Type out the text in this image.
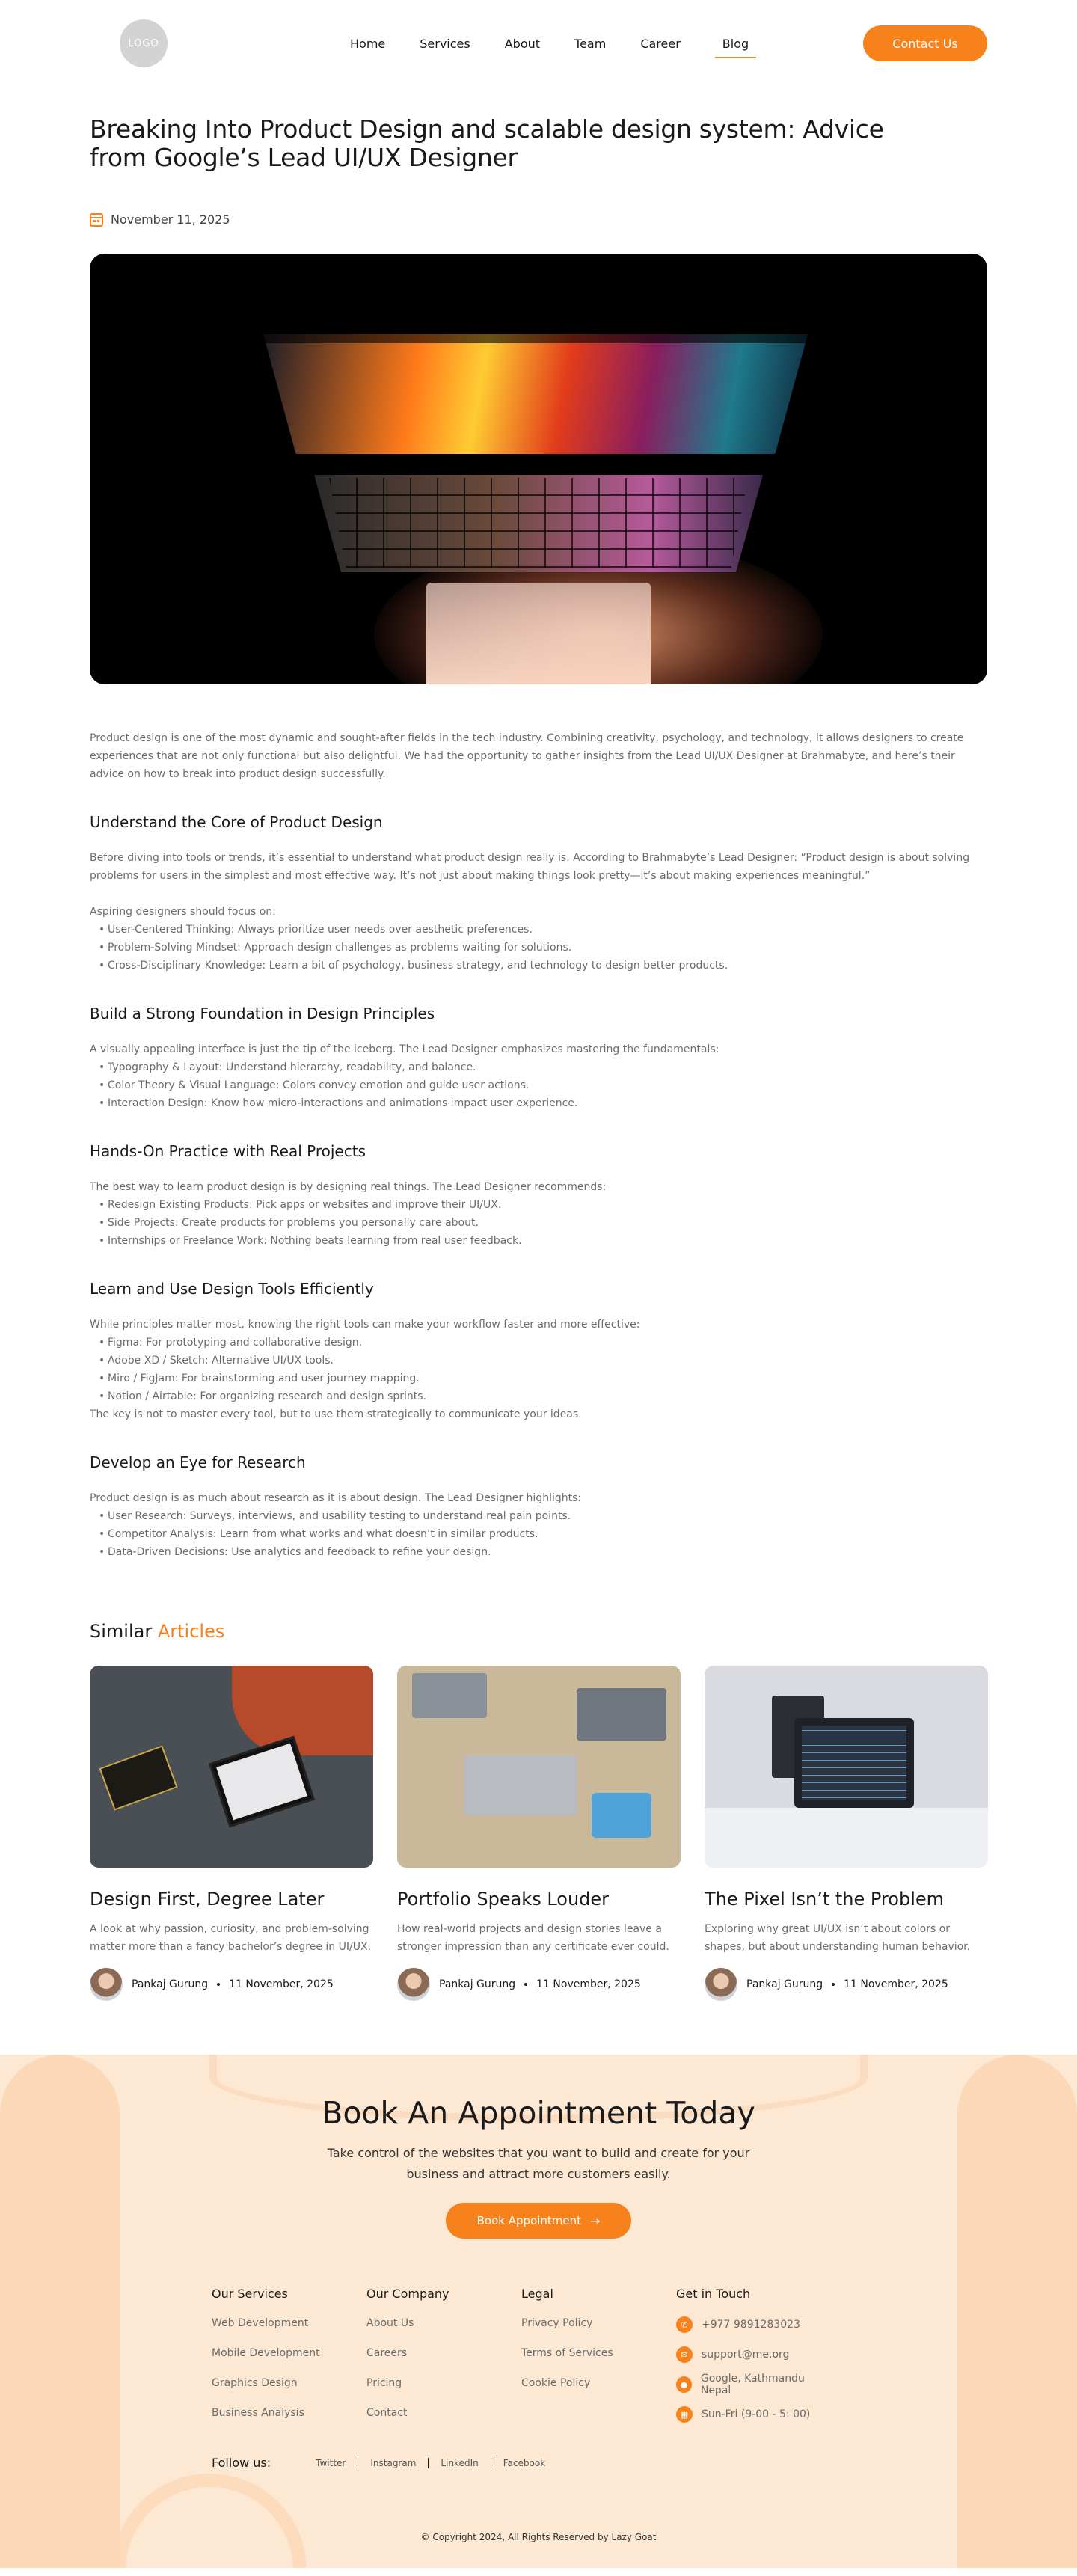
LOGO	Home	Services	About	Team	Career	Blog	Contact Us
Breaking Into Product Design and scalable design system: Advice from Google’s Lead UI/UX Designer
November 11, 2025

Product design is one of the most dynamic and sought-after fields in the tech industry. Combining creativity, psychology, and technology, it allows designers to create experiences that are not only functional but also delightful. We had the opportunity to gather insights from the Lead UI/UX Designer at Brahmabyte, and here’s their advice on how to break into product design successfully.

Understand the Core of Product Design

Before diving into tools or trends, it’s essential to understand what product design really is. According to Brahmabyte’s Lead Designer: “Product design is about solving problems for users in the simplest and most effective way. It’s not just about making things look pretty—it’s about making experiences meaningful.”

Aspiring designers should focus on:

• User-Centered Thinking: Always prioritize user needs over aesthetic preferences.
• Problem-Solving Mindset: Approach design challenges as problems waiting for solutions.
• Cross-Disciplinary Knowledge: Learn a bit of psychology, business strategy, and technology to design better products.
Build a Strong Foundation in Design Principles

A visually appealing interface is just the tip of the iceberg. The Lead Designer emphasizes mastering the fundamentals:

• Typography & Layout: Understand hierarchy, readability, and balance.
• Color Theory & Visual Language: Colors convey emotion and guide user actions.
• Interaction Design: Know how micro-interactions and animations impact user experience.
Hands-On Practice with Real Projects

The best way to learn product design is by designing real things. The Lead Designer recommends:

• Redesign Existing Products: Pick apps or websites and improve their UI/UX.
• Side Projects: Create products for problems you personally care about.
• Internships or Freelance Work: Nothing beats learning from real user feedback.
Learn and Use Design Tools Efficiently

While principles matter most, knowing the right tools can make your workflow faster and more effective:

• Figma: For prototyping and collaborative design.
• Adobe XD / Sketch: Alternative UI/UX tools.
• Miro / FigJam: For brainstorming and user journey mapping.
• Notion / Airtable: For organizing research and design sprints.

The key is not to master every tool, but to use them strategically to communicate your ideas.

Develop an Eye for Research

Product design is as much about research as it is about design. The Lead Designer highlights:

• User Research: Surveys, interviews, and usability testing to understand real pain points.
• Competitor Analysis: Learn from what works and what doesn’t in similar products.
• Data-Driven Decisions: Use analytics and feedback to refine your design.
Similar Articles
Design First, Degree Later

A look at why passion, curiosity, and problem-solving matter more than a fancy bachelor’s degree in UI/UX.

Pankaj Gurung 11 November, 2025
Portfolio Speaks Louder

How real-world projects and design stories leave a stronger impression than any certificate ever could.

Pankaj Gurung 11 November, 2025
The Pixel Isn’t the Problem

Exploring why great UI/UX isn’t about colors or shapes, but about understanding human behavior.

Pankaj Gurung 11 November, 2025
Book An Appointment Today

Take control of the websites that you want to build and create for your business and attract more customers easily.

Book Appointment →
Our Services
Web Development
Mobile Development
Graphics Design
Business Analysis
Our Company
About Us
Careers
Pricing
Contact
Legal
Privacy Policy
Terms of Services
Cookie Policy
Get in Touch
✆	+977 9891283023
✉	support@me.org
●	Google, Kathmandu Nepal
▦	Sun-Fri (9-00 - 5: 00)
Follow us:	Twitter	Instagram	LinkedIn	Facebook
© Copyright 2024, All Rights Reserved by Lazy Goat
